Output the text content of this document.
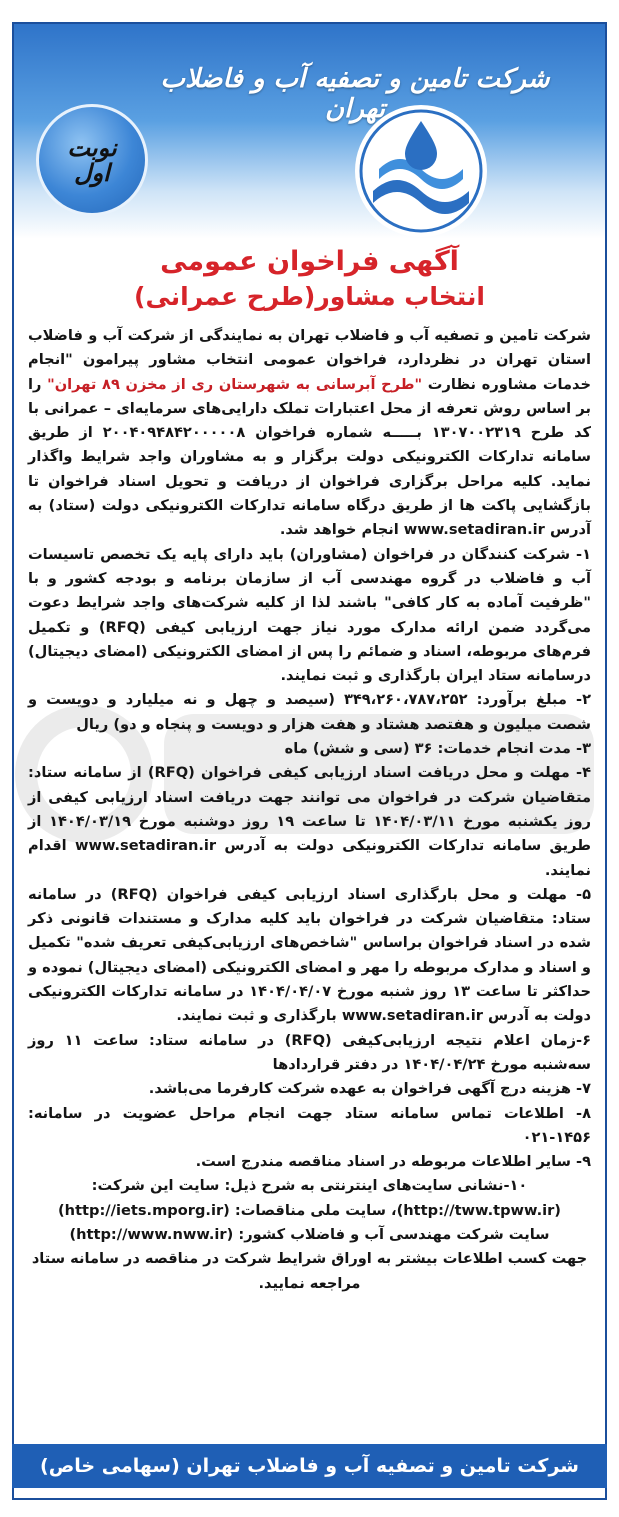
شرکت تامین و تصفیه آب و فاضلاب تهران
نوبت
اول
آگهی فراخوان عمومی
انتخاب مشاور(طرح عمرانی)

شرکت تامین و تصفیه آب و فاضلاب تهران به نمایندگی از شرکت آب و فاضلاب استان تهران در نظردارد، فراخوان عمومی انتخاب مشاور پیرامون "انجام خدمات مشاوره نظارت "طرح آبرسانی به شهرستان ری از مخزن ۸۹ تهران" را بر اساس روش تعرفه از محل اعتبارات تملک دارایی‌های سرمایه‌ای – عمرانی با کد طرح ۱۳۰۷۰۰۲۳۱۹ بـــــه شماره فراخوان ۲۰۰۴۰۹۴۸۴۲۰۰۰۰۰۸ از طریق سامانه تدارکات الکترونیکی دولت برگزار و به مشاوران واجد شرایط واگذار نماید. کلیه مراحل برگزاری فراخوان از دریافت و تحویل اسناد فراخوان تا بازگشایی پاکت ها از طریق درگاه سامانه تدارکات الکترونیکی دولت (ستاد) به آدرس www.setadiran.ir انجام خواهد شد.

۱- شرکت کنندگان در فراخوان (مشاوران) باید دارای پایه یک تخصص تاسیسات آب و فاضلاب در گروه مهندسی آب از سازمان برنامه و بودجه کشور و با "ظرفیت آماده به کار کافی" باشند لذا از کلیه شرکت‌های واجد شرایط دعوت می‌گردد ضمن ارائه مدارک مورد نیاز جهت ارزیابی کیفی (RFQ) و تکمیل فرم‌های مربوطه، اسناد و ضمائم را پس از امضای الکترونیکی (امضای دیجیتال) درسامانه ستاد ایران بارگذاری و ثبت نمایند.

۲- مبلغ برآورد: ۳۴۹،۲۶۰،۷۸۷،۲۵۲ (سیصد و چهل و نه میلیارد و دویست و شصت میلیون و هفتصد هشتاد و هفت هزار و دویست و پنجاه و دو) ریال

۳- مدت انجام خدمات: ۳۶ (سی و شش) ماه

۴- مهلت و محل دریافت اسناد ارزیابی کیفی فراخوان (RFQ) از سامانه ستاد: متقاضیان شرکت در فراخوان می توانند جهت دریافت اسناد ارزیابی کیفی از روز یکشنبه مورخ ۱۴۰۴/۰۳/۱۱ تا ساعت ۱۹ روز دوشنبه مورخ ۱۴۰۴/۰۳/۱۹ از طریق سامانه تدارکات الکترونیکی دولت به آدرس www.setadiran.ir اقدام نمایند.

۵- مهلت و محل بارگذاری اسناد ارزیابی کیفی فراخوان (RFQ) در سامانه ستاد: متقاضیان شرکت در فراخوان باید کلیه مدارک و مستندات قانونی ذکر شده در اسناد فراخوان براساس "شاخص‌های ارزیابی‌کیفی تعریف شده" تکمیل و اسناد و مدارک مربوطه را مهر و امضای الکترونیکی (امضای دیجیتال) نموده و حداکثر تا ساعت ۱۳ روز شنبه مورخ ۱۴۰۴/۰۴/۰۷ در سامانه تدارکات الکترونیکی دولت به آدرس www.setadiran.ir بارگذاری و ثبت نمایند.

۶-زمان اعلام نتیجه ارزیابی‌کیفی (RFQ) در سامانه ستاد: ساعت ۱۱ روز سه‌شنبه مورخ ۱۴۰۴/۰۴/۲۴ در دفتر قراردادها

۷- هزینه درج آگهی فراخوان به عهده شرکت کارفرما می‌باشد.

۸- اطلاعات تماس سامانه ستاد جهت انجام مراحل عضویت در سامانه: ۱۴۵۶-۰۲۱

۹- سایر اطلاعات مربوطه در اسناد مناقصه مندرج است.

۱۰-نشانی سایت‌های اینترنتی به شرح ذیل: سایت این شرکت:

(http://tww.tpww.ir)، سایت ملی مناقصات: (http://iets.mporg.ir)

سایت شرکت مهندسی آب و فاضلاب کشور: (http://www.nww.ir)

جهت کسب اطلاعات بیشتر به اوراق شرایط شرکت در مناقصه در سامانه ستاد مراجعه نمایید.

شرکت تامین و تصفیه آب و فاضلاب تهران (سهامی خاص)
